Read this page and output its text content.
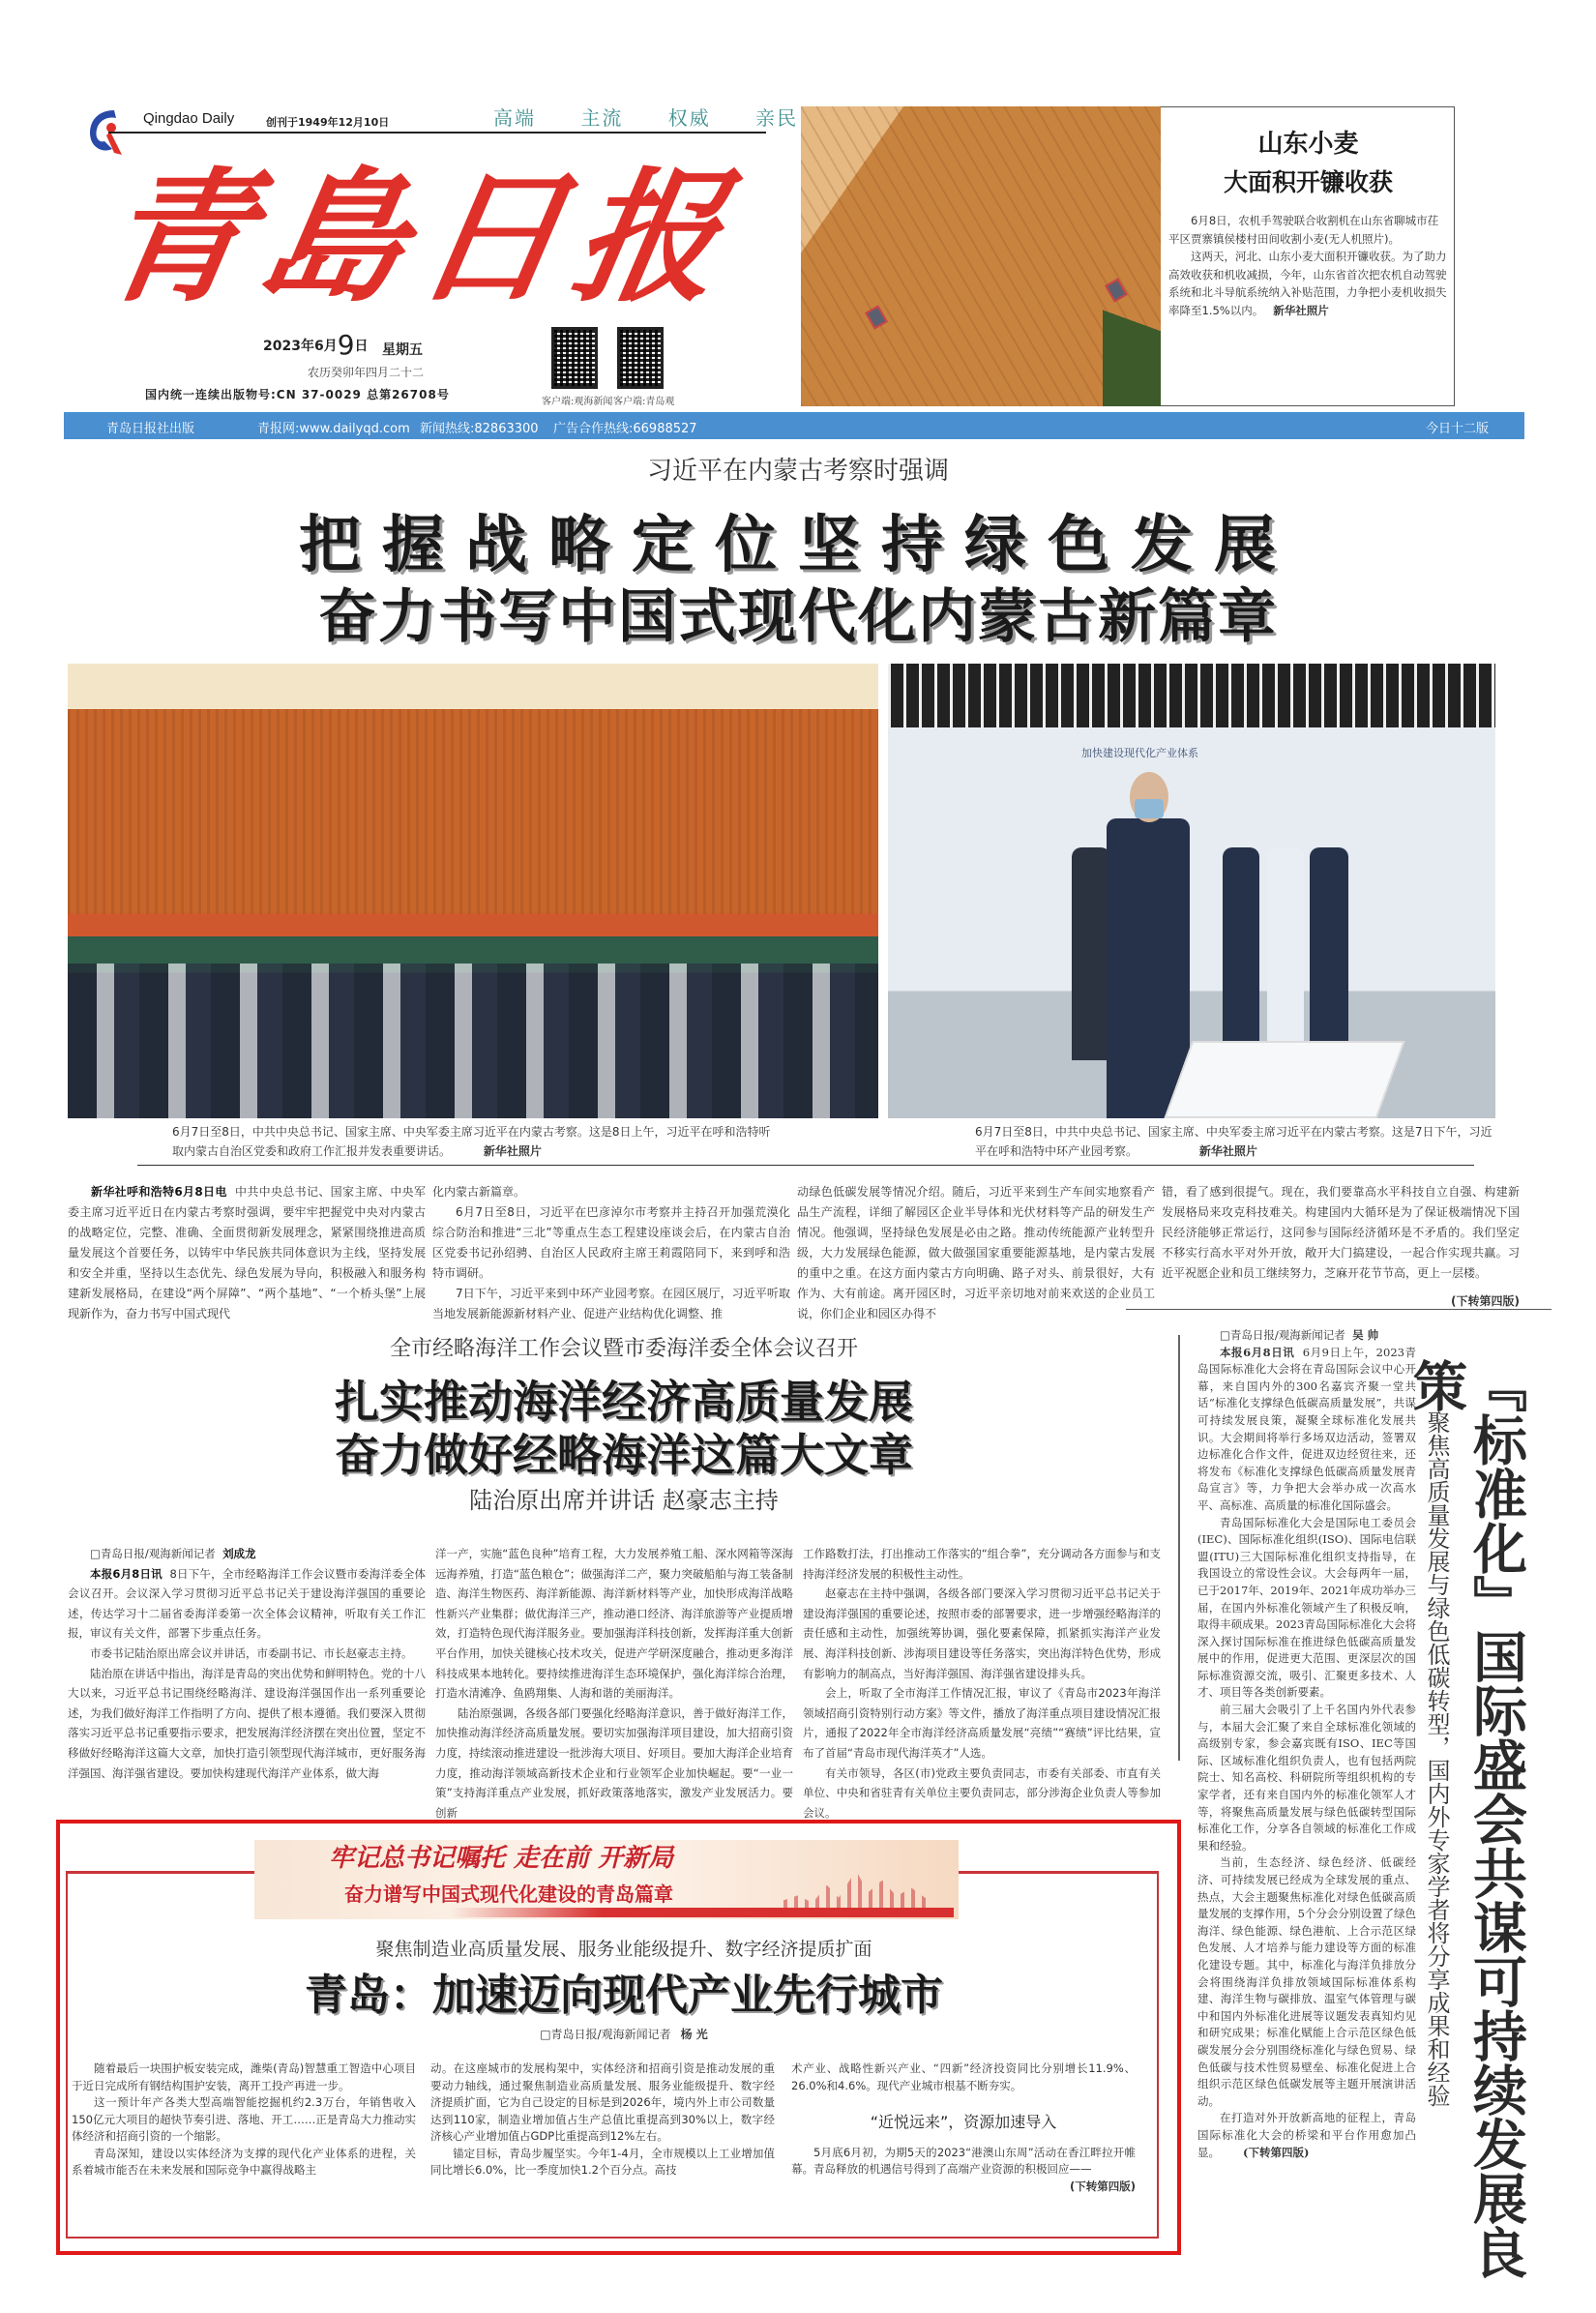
Qingdao Daily	创刊于1949年12月10日	高端 主流 权威 亲民
青島日报
2023年6月9日 星期五
农历癸卯年四月二十二
国内统一连续出版物号:CN 37-0029 总第26708号
客户端:观海新闻 客户端:青岛观
山东小麦
大面积开镰收获

6月8日，农机手驾驶联合收割机在山东省聊城市茌平区贾寨镇侯楼村田间收割小麦(无人机照片)。

这两天，河北、山东小麦大面积开镰收获。为了助力高效收获和机收减损，今年，山东省首次把农机自动驾驶系统和北斗导航系统纳入补贴范围，力争把小麦机收损失率降至1.5%以内。 新华社照片

青岛日报社出版	青报网:www.dailyqd.com 新闻热线:82863300 广告合作热线:66988527	今日十二版
习近平在内蒙古考察时强调
把握战略定位坚持绿色发展
奋力书写中国式现代化内蒙古新篇章
加快建设现代化产业体系
6月7日至8日，中共中央总书记、国家主席、中央军委主席习近平在内蒙古考察。这是8日上午，习近平在呼和浩特听取内蒙古自治区党委和政府工作汇报并发表重要讲话。	新华社照片
6月7日至8日，中共中央总书记、国家主席、中央军委主席习近平在内蒙古考察。这是7日下午，习近平在呼和浩特中环产业园考察。	新华社照片

新华社呼和浩特6月8日电 中共中央总书记、国家主席、中央军委主席习近平近日在内蒙古考察时强调，要牢牢把握党中央对内蒙古的战略定位，完整、准确、全面贯彻新发展理念，紧紧围绕推进高质量发展这个首要任务，以铸牢中华民族共同体意识为主线，坚持发展和安全并重，坚持以生态优先、绿色发展为导向，积极融入和服务构建新发展格局，在建设“两个屏障”、“两个基地”、“一个桥头堡”上展现新作为，奋力书写中国式现代

化内蒙古新篇章。

6月7日至8日，习近平在巴彦淖尔市考察并主持召开加强荒漠化综合防治和推进“三北”等重点生态工程建设座谈会后，在内蒙古自治区党委书记孙绍骋、自治区人民政府主席王莉霞陪同下，来到呼和浩特市调研。

7日下午，习近平来到中环产业园考察。在园区展厅，习近平听取当地发展新能源新材料产业、促进产业结构优化调整、推

动绿色低碳发展等情况介绍。随后，习近平来到生产车间实地察看产品生产流程，详细了解园区企业半导体和光伏材料等产品的研发生产情况。他强调，坚持绿色发展是必由之路。推动传统能源产业转型升级，大力发展绿色能源，做大做强国家重要能源基地，是内蒙古发展的重中之重。在这方面内蒙古方向明确、路子对头、前景很好，大有作为、大有前途。离开园区时，习近平亲切地对前来欢送的企业员工说，你们企业和园区办得不

错，看了感到很提气。现在，我们要靠高水平科技自立自强、构建新发展格局来攻克科技难关。构建国内大循环是为了保证极端情况下国民经济能够正常运行，这同参与国际经济循环是不矛盾的。我们坚定不移实行高水平对外开放，敞开大门搞建设，一起合作实现共赢。习近平祝愿企业和员工继续努力，芝麻开花节节高，更上一层楼。

(下转第四版)
全市经略海洋工作会议暨市委海洋委全体会议召开
扎实推动海洋经济高质量发展
奋力做好经略海洋这篇大文章
陆治原出席并讲话 赵豪志主持

□青岛日报/观海新闻记者 刘成龙

本报6月8日讯 8日下午，全市经略海洋工作会议暨市委海洋委全体会议召开。会议深入学习贯彻习近平总书记关于建设海洋强国的重要论述，传达学习十二届省委海洋委第一次全体会议精神，听取有关工作汇报，审议有关文件，部署下步重点任务。

市委书记陆治原出席会议并讲话，市委副书记、市长赵豪志主持。

陆治原在讲话中指出，海洋是青岛的突出优势和鲜明特色。党的十八大以来，习近平总书记围绕经略海洋、建设海洋强国作出一系列重要论述，为我们做好海洋工作指明了方向、提供了根本遵循。我们要深入贯彻落实习近平总书记重要指示要求，把发展海洋经济摆在突出位置，坚定不移做好经略海洋这篇大文章，加快打造引领型现代海洋城市，更好服务海洋强国、海洋强省建设。要加快构建现代海洋产业体系，做大海

洋一产，实施“蓝色良种”培育工程，大力发展养殖工船、深水网箱等深海远海养殖，打造“蓝色粮仓”；做强海洋二产，聚力突破船舶与海工装备制造、海洋生物医药、海洋新能源、海洋新材料等产业，加快形成海洋战略性新兴产业集群；做优海洋三产，推动港口经济、海洋旅游等产业提质增效，打造特色现代海洋服务业。要加强海洋科技创新，发挥海洋重大创新平台作用，加快关键核心技术攻关，促进产学研深度融合，推动更多海洋科技成果本地转化。要持续推进海洋生态环境保护，强化海洋综合治理，打造水清滩净、鱼鸥翔集、人海和谐的美丽海洋。

陆治原强调，各级各部门要强化经略海洋意识，善于做好海洋工作，加快推动海洋经济高质量发展。要切实加强海洋项目建设，加大招商引资力度，持续滚动推进建设一批涉海大项目、好项目。要加大海洋企业培育力度，推动海洋领域高新技术企业和行业领军企业加快崛起。要“一业一策”支持海洋重点产业发展，抓好政策落地落实，激发产业发展活力。要创新

工作路数打法，打出推动工作落实的“组合拳”，充分调动各方面参与和支持海洋经济发展的积极性主动性。

赵豪志在主持中强调，各级各部门要深入学习贯彻习近平总书记关于建设海洋强国的重要论述，按照市委的部署要求，进一步增强经略海洋的责任感和主动性，加强统筹协调，强化要素保障，抓紧抓实海洋产业发展、海洋科技创新、涉海项目建设等任务落实，突出海洋特色优势，形成有影响力的制高点，当好海洋强国、海洋强省建设排头兵。

会上，听取了全市海洋工作情况汇报，审议了《青岛市2023年海洋领域招商引资特别行动方案》等文件，播放了海洋重点项目建设情况汇报片，通报了2022年全市海洋经济高质量发展“亮绩”“赛绩”评比结果，宣布了首届“青岛市现代海洋英才”人选。

有关市领导，各区(市)党政主要负责同志，市委有关部委、市直有关单位、中央和省驻青有关单位主要负责同志，部分涉海企业负责人等参加会议。

牢记总书记嘱托 走在前 开新局
奋力谱写中国式现代化建设的青岛篇章
聚焦制造业高质量发展、服务业能级提升、数字经济提质扩面
青岛：加速迈向现代产业先行城市
□青岛日报/观海新闻记者 杨 光

随着最后一块围护板安装完成，潍柴(青岛)智慧重工智造中心项目于近日完成所有钢结构围护安装，离开工投产再进一步。

这一预计年产各类大型高端智能挖掘机约2.3万台，年销售收入150亿元大项目的超快节奏引进、落地、开工……正是青岛大力推动实体经济和招商引资的一个缩影。

青岛深知，建设以实体经济为支撑的现代化产业体系的进程，关系着城市能否在未来发展和国际竞争中赢得战略主

动。在这座城市的发展构架中，实体经济和招商引资是推动发展的重要动力轴线，通过聚焦制造业高质量发展、服务业能级提升、数字经济提质扩面，它为自己设定的目标是到2026年，境内外上市公司数量达到110家，制造业增加值占生产总值比重提高到30%以上，数字经济核心产业增加值占GDP比重提高到12%左右。

锚定目标，青岛步履坚实。今年1-4月，全市规模以上工业增加值同比增长6.0%，比一季度加快1.2个百分点。高技

术产业、战略性新兴产业、“四新”经济投资同比分别增长11.9%、26.0%和4.6%。现代产业城市根基不断夯实。

“近悦远来”，资源加速导入

5月底6月初，为期5天的2023“港澳山东周”活动在香江畔拉开帷幕。青岛释放的机遇信号得到了高端产业资源的积极回应——

(下转第四版)

□青岛日报/观海新闻记者 吴 帅

本报6月8日讯 6月9日上午，2023青岛国际标准化大会将在青岛国际会议中心开幕，来自国内外的300名嘉宾齐聚一堂共话“标准化支撑绿色低碳高质量发展”，共谋可持续发展良策，凝聚全球标准化发展共识。大会期间将举行多场双边活动，签署双边标准化合作文件，促进双边经贸往来，还将发布《标准化支撑绿色低碳高质量发展青岛宣言》等，力争把大会举办成一次高水平、高标准、高质量的标准化国际盛会。

青岛国际标准化大会是国际电工委员会(IEC)、国际标准化组织(ISO)、国际电信联盟(ITU)三大国际标准化组织支持指导，在我国设立的常设性会议。大会每两年一届，已于2017年、2019年、2021年成功举办三届，在国内外标准化领域产生了积极反响，取得丰硕成果。2023青岛国际标准化大会将深入探讨国际标准在推进绿色低碳高质量发展中的作用，促进更大范围、更深层次的国际标准资源交流，吸引、汇聚更多技术、人才、项目等各类创新要素。

前三届大会吸引了上千名国内外代表参与，本届大会汇聚了来自全球标准化领域的高级别专家，参会嘉宾既有ISO、IEC等国际、区域标准化组织负责人，也有包括两院院士、知名高校、科研院所等组织机构的专家学者，还有来自国内外的标准化领军人才等，将聚焦高质量发展与绿色低碳转型国际标准化工作，分享各自领域的标准化工作成果和经验。

当前，生态经济、绿色经济、低碳经济、可持续发展已经成为全球发展的重点、热点，大会主题聚焦标准化对绿色低碳高质量发展的支撑作用，5个分会分别设置了绿色海洋、绿色能源、绿色港航、上合示范区绿色发展、人才培养与能力建设等方面的标准化建设专题。其中，标准化与海洋负排放分会将围绕海洋负排放领域国际标准体系构建、海洋生物与碳排放、温室气体管理与碳中和国内外标准化进展等议题发表真知灼见和研究成果；标准化赋能上合示范区绿色低碳发展分会分别围绕标准化与绿色贸易、绿色低碳与技术性贸易壁垒、标准化促进上合组织示范区绿色低碳发展等主题开展演讲活动。

在打造对外开放新高地的征程上，青岛国际标准化大会的桥梁和平台作用愈加凸显。 (下转第四版)

聚焦高质量发展与绿色低碳转型，国内外专家学者将分享成果和经验 『标准化』国际盛会共谋可持续发展良策
